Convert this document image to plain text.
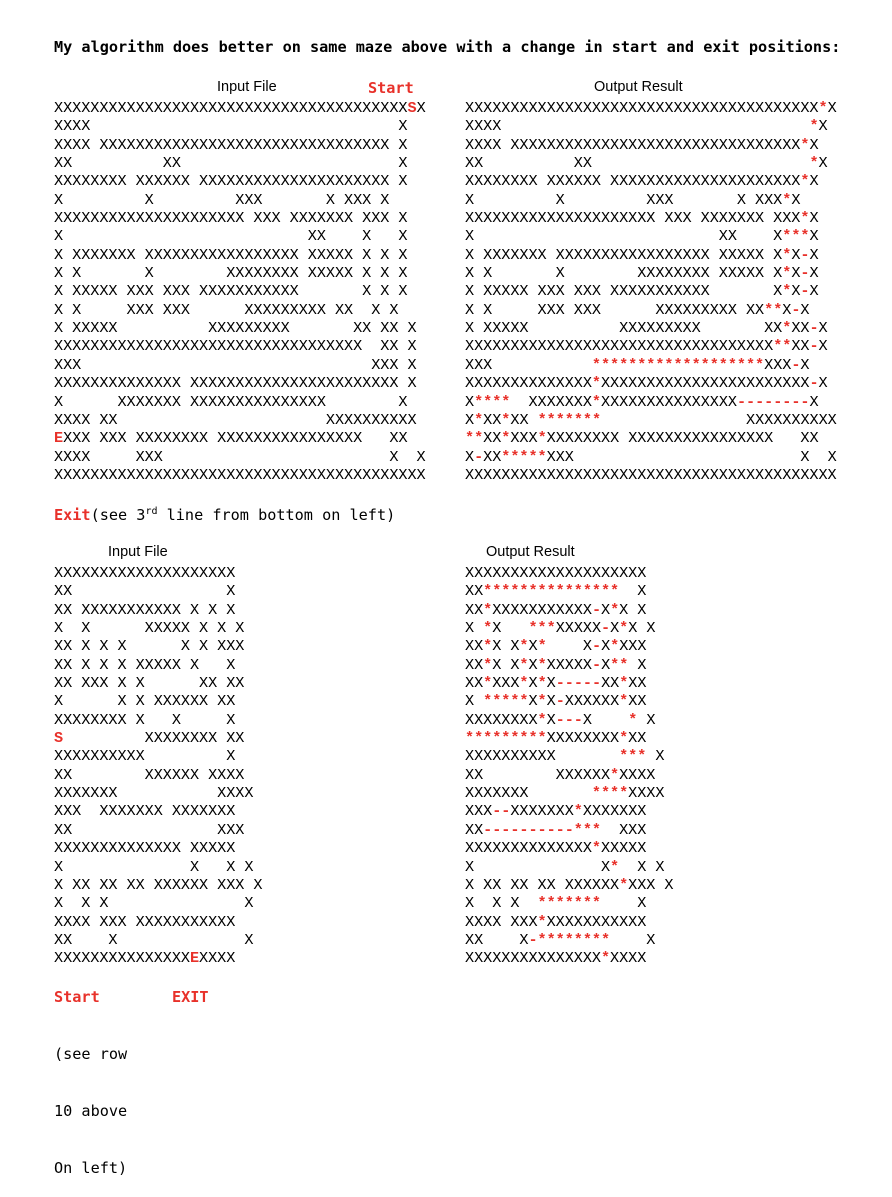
My algorithm does better on same maze above with a change in start and exit positions:
Input File	Start	Output Result
XXXXXXXXXXXXXXXXXXXXXXXXXXXXXXXXXXXXXXXSX
XXXX                                  X
XXXX XXXXXXXXXXXXXXXXXXXXXXXXXXXXXXXX X
XX          XX                        X
XXXXXXXX XXXXXX XXXXXXXXXXXXXXXXXXXXX X
X         X         XXX       X XXX X
XXXXXXXXXXXXXXXXXXXXX XXX XXXXXXX XXX X
X                           XX    X   X
X XXXXXXX XXXXXXXXXXXXXXXXX XXXXX X X X
X X       X        XXXXXXXX XXXXX X X X
X XXXXX XXX XXX XXXXXXXXXXX       X X X
X X     XXX XXX      XXXXXXXXX XX  X X
X XXXXX          XXXXXXXXX       XX XX X
XXXXXXXXXXXXXXXXXXXXXXXXXXXXXXXXXX  XX X
XXX                                XXX X
XXXXXXXXXXXXXX XXXXXXXXXXXXXXXXXXXXXXX X
X      XXXXXXX XXXXXXXXXXXXXXX        X
XXXX XX                       XXXXXXXXXX
EXXX XXX XXXXXXXX XXXXXXXXXXXXXXXX   XX
XXXX     XXX                         X  X
XXXXXXXXXXXXXXXXXXXXXXXXXXXXXXXXXXXXXXXXX
XXXXXXXXXXXXXXXXXXXXXXXXXXXXXXXXXXXXXXX*X
XXXX                                  *X
XXXX XXXXXXXXXXXXXXXXXXXXXXXXXXXXXXXX*X
XX          XX                        *X
XXXXXXXX XXXXXX XXXXXXXXXXXXXXXXXXXXX*X
X         X         XXX       X XXX*X
XXXXXXXXXXXXXXXXXXXXX XXX XXXXXXX XXX*X
X                           XX    X***X
X XXXXXXX XXXXXXXXXXXXXXXXX XXXXX X*X-X
X X       X        XXXXXXXX XXXXX X*X-X
X XXXXX XXX XXX XXXXXXXXXXX       X*X-X
X X     XXX XXX      XXXXXXXXX XX**X-X
X XXXXX          XXXXXXXXX       XX*XX-X
XXXXXXXXXXXXXXXXXXXXXXXXXXXXXXXXXX**XX-X
XXX           *******************XXX-X
XXXXXXXXXXXXXX*XXXXXXXXXXXXXXXXXXXXXXX-X
X****  XXXXXXX*XXXXXXXXXXXXXXX--------X
X*XX*XX *******                XXXXXXXXXX
**XX*XXX*XXXXXXXX XXXXXXXXXXXXXXXX   XX
X-XX*****XXX                         X  X
XXXXXXXXXXXXXXXXXXXXXXXXXXXXXXXXXXXXXXXXX
Exit(see 3rd line from bottom on left)
Input File	Output Result
XXXXXXXXXXXXXXXXXXXX
XX                 X
XX XXXXXXXXXXX X X X
X  X      XXXXX X X X
XX X X X      X X XXX
XX X X X XXXXX X   X
XX XXX X X      XX XX
X      X X XXXXXX XX
XXXXXXXX X   X     X
S         XXXXXXXX XX
XXXXXXXXXX         X
XX        XXXXXX XXXX
XXXXXXX           XXXX
XXX  XXXXXXX XXXXXXX
XX                XXX
XXXXXXXXXXXXXX XXXXX
X              X   X X
X XX XX XX XXXXXX XXX X
X  X X               X
XXXX XXX XXXXXXXXXXX
XX    X              X
XXXXXXXXXXXXXXXEXXXX
XXXXXXXXXXXXXXXXXXXX
XX***************  X
XX*XXXXXXXXXXX-X*X X
X *X   ***XXXXX-X*X X
XX*X X*X*    X-X*XXX
XX*X X*X*XXXXX-X** X
XX*XXX*X*X-----XX*XX
X *****X*X-XXXXXX*XX
XXXXXXXX*X---X    * X
*********XXXXXXXX*XX
XXXXXXXXXX       *** X
XX        XXXXXX*XXXX
XXXXXXX       ****XXXX
XXX--XXXXXXX*XXXXXXX
XX----------***  XXX
XXXXXXXXXXXXXX*XXXXX
X              X*  X X
X XX XX XX XXXXXX*XXX X
X  X X  *******    X
XXXX XXX*XXXXXXXXXXX
XX    X-********    X
XXXXXXXXXXXXXXX*XXXX
Start	EXIT

(see row

10 above

On left)
